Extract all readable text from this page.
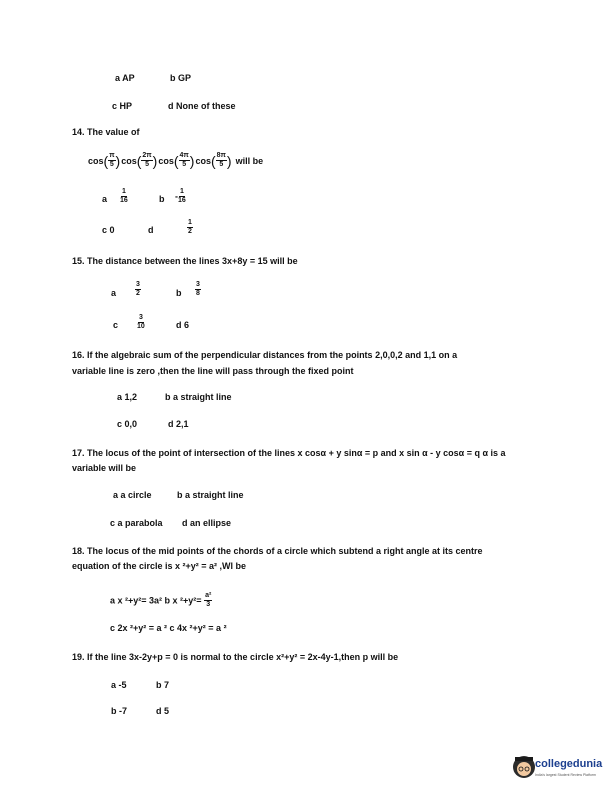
a AP	b GP
c HP	d None of these
14. The value of
cos ( $\frac{\pi}{5}$ ) cos ( $\frac{2\pi}{5}$ ) cos ( $\frac{4\pi}{5}$ ) cos ( $\frac{8\pi}{5}$ ) will be
a $\frac{1}{16}$	b - $\frac{1}{16}$
c 0	d	$\frac{1}{2}$
15. The distance between the lines 3x+8y = 15 will be
a	$\frac{3}{2}$	b $\frac{3}{8}$
c	$\frac{3}{10}$	d 6
16. If the algebraic sum of the perpendicular distances from the points 2,0,0,2 and 1,1 on a
variable line is zero ,then the line will pass through the fixed point
a 1,2	b a straight line
c 0,0	d 2,1
17. The locus of the point of intersection of the lines x cosα + y sinα = p and x sin α - y cosα = q α is a
variable will be
a a circle	b a straight line
c a parabola d an ellipse
18. The locus of the mid points of the chords of a circle which subtend a right angle at its centre
equation of the circle is x ²+y² = a² ,Wl be
a x ²+y²= 3a² b x $^2+y^2= \frac{\text{a²}}{3}$
c 2x ²+y² = a ² c 4x ²+y² = a ²
19. If the line 3x-2y+p = 0 is normal to the circle x²+y² = 2x-4y-1,then p will be
a -5	b 7
b -7	d 5
collegedunia
India's largest Student Review Platform
